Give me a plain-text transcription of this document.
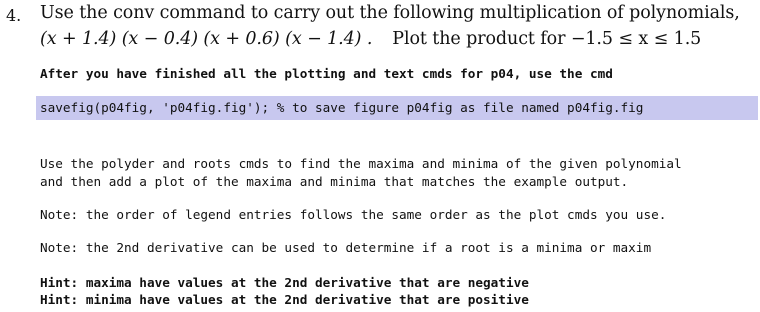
4. Use the conv command to carry out the following multiplication of polynomials,
(x + 1.4) (x − 0.4) (x + 0.6) (x − 1.4) . Plot the product for −1.5 ≤ x ≤ 1.5
After you have finished all the plotting and text cmds for p04, use the cmd
savefig(p04fig, 'p04fig.fig'); % to save figure p04fig as file named p04fig.fig
Use the polyder and roots cmds to find the maxima and minima of the given polynomial
and then add a plot of the maxima and minima that matches the example output.
Note: the order of legend entries follows the same order as the plot cmds you use.
Note: the 2nd derivative can be used to determine if a root is a minima or maxim
Hint: maxima have values at the 2nd derivative that are negative
Hint: minima have values at the 2nd derivative that are positive
